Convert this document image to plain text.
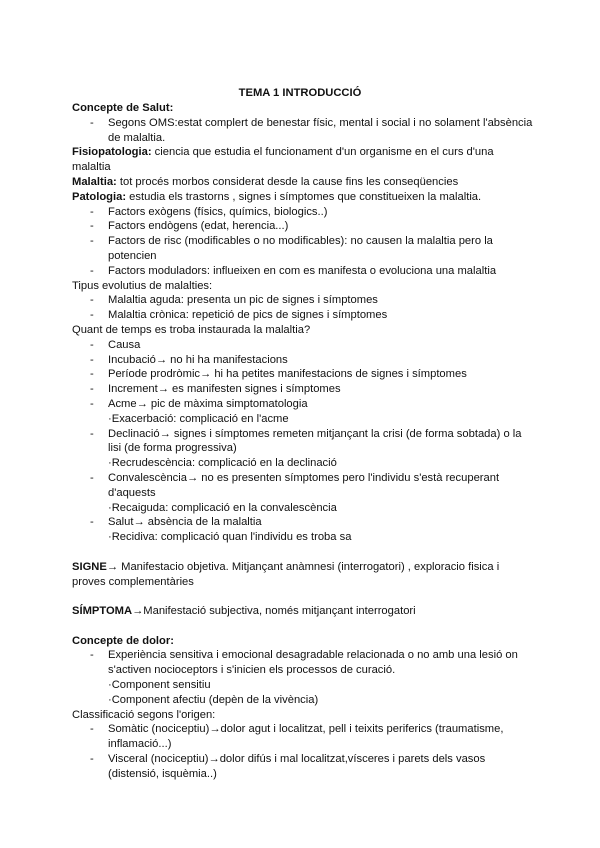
TEMA 1 INTRODUCCIÓ

Concepte de Salut:

- Segons OMS:estat complert de benestar físic, mental i social i no solament l'absència de malaltia.

Fisiopatologia: ciencia que estudia el funcionament d'un organisme en el curs d'una malaltia

Malaltia: tot procés morbos considerat desde la cause fins les conseqüencies

Patologia: estudia els trastorns , signes i símptomes que constitueixen la malaltia.

- Factors exògens (físics, químics, biologics..)
- Factors endògens (edat, herencia...)
- Factors de risc (modificables o no modificables): no causen la malaltia pero la potencien
- Factors moduladors: influeixen en com es manifesta o evoluciona una malaltia

Tipus evolutius de malalties:

- Malaltia aguda: presenta un pic de signes i símptomes
- Malaltia crònica: repetició de pics de signes i símptomes

Quant de temps es troba instaurada la malaltia?

- Causa
- Incubació→ no hi ha manifestacions
- Període prodròmic→ hi ha petites manifestacions de signes i símptomes
- Increment→ es manifesten signes i símptomes
- Acme→ pic de màxima simptomatologia
·Exacerbació: complicació en l'acme
- Declinació→ signes i símptomes remeten mitjançant la crisi (de forma sobtada) o la lisi (de forma progressiva)
·Recrudescència: complicació en la declinació
- Convalescència→ no es presenten símptomes pero l'individu s'està recuperant d'aquests
·Recaiguda: complicació en la convalescència
- Salut→ absència de la malaltia
·Recidiva: complicació quan l'individu es troba sa

SIGNE→ Manifestacio objetiva. Mitjançant anàmnesi (interrogatori) , exploracio fisica i proves complementàries

SÍMPTOMA→Manifestació subjectiva, només mitjançant interrogatori

Concepte de dolor:

- Experiència sensitiva i emocional desagradable relacionada o no amb una lesió on s'activen nocioceptors i s'inicien els processos de curació.
·Component sensitiu
·Component afectiu (depèn de la vivència)

Classificació segons l'origen:

- Somàtic (nociceptiu)→dolor agut i localitzat, pell i teixits periferics (traumatisme, inflamació...)
- Visceral (nociceptiu)→dolor difús i mal localitzat,vísceres i parets dels vasos (distensió, isquèmia..)
